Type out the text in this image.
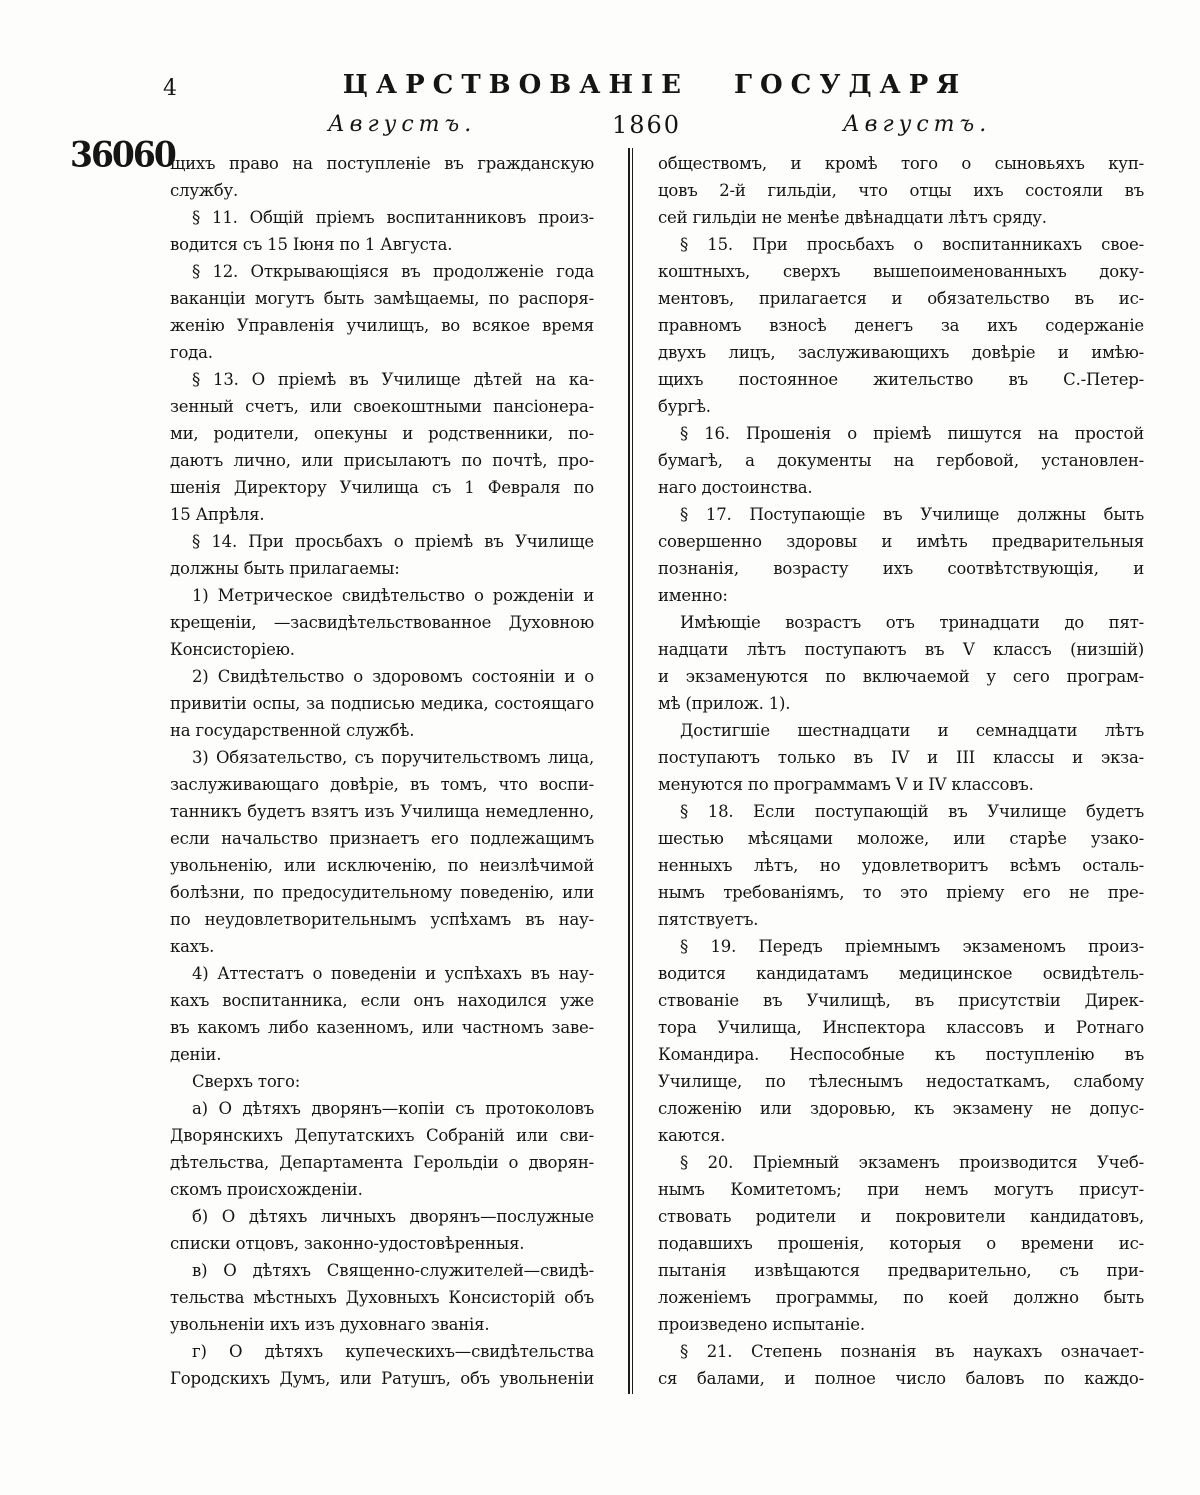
4	ЦАРСТВОВАНІЕ ГОСУДАРЯ
Августъ.	1860	Августъ.
36060
щихъ право на поступленіе въ гражданскую
службу.
§ 11. Общій пріемъ воспитанниковъ произ-
водится съ 15 Іюня по 1 Августа.
§ 12. Открывающіяся въ продолженіе года
ваканціи могутъ быть замѣщаемы, по распоря-
женію Управленія училищъ, во всякое время
года.
§ 13. О пріемѣ въ Училище дѣтей на ка-
зенный счетъ, или своекоштными пансіонера-
ми, родители, опекуны и родственники, по-
даютъ лично, или присылаютъ по почтѣ, про-
шенія Директору Училища съ 1 Февраля по
15 Апрѣля.
§ 14. При просьбахъ о пріемѣ въ Училище
должны быть прилагаемы:
1) Метрическое свидѣтельство о рожденіи и
крещеніи, —засвидѣтельствованное Духовною
Консисторіею.
2) Свидѣтельство о здоровомъ состояніи и о
привитіи оспы, за подписью медика, состоящаго
на государственной службѣ.
3) Обязательство, съ поручительствомъ лица,
заслуживающаго довѣріе, въ томъ, что воспи-
танникъ будетъ взятъ изъ Училища немедленно,
если начальство признаетъ его подлежащимъ
увольненію, или исключенію, по неизлѣчимой
болѣзни, по предосудительному поведенію, или
по неудовлетворительнымъ успѣхамъ въ нау-
кахъ.
4) Аттестатъ о поведеніи и успѣхахъ въ нау-
кахъ воспитанника, если онъ находился уже
въ какомъ либо казенномъ, или частномъ заве-
деніи.
Сверхъ того:
а) О дѣтяхъ дворянъ—копіи съ протоколовъ
Дворянскихъ Депутатскихъ Собраній или сви-
дѣтельства, Департамента Герольдіи о дворян-
скомъ происхожденіи.
б) О дѣтяхъ личныхъ дворянъ—послужные
списки отцовъ, законно-удостовѣренныя.
в) О дѣтяхъ Священно-служителей—свидѣ-
тельства мѣстныхъ Духовныхъ Консисторій объ
увольненіи ихъ изъ духовнаго званія.
г) О дѣтяхъ купеческихъ—свидѣтельства
Городскихъ Думъ, или Ратушъ, объ увольненіи
обществомъ, и кромѣ того о сыновьяхъ куп-
цовъ 2-й гильдіи, что отцы ихъ состояли въ
сей гильдіи не менѣе двѣнадцати лѣтъ сряду.
§ 15. При просьбахъ о воспитанникахъ свое-
коштныхъ, сверхъ вышепоименованныхъ доку-
ментовъ, прилагается и обязательство въ ис-
правномъ взносѣ денегъ за ихъ содержаніе
двухъ лицъ, заслуживающихъ довѣріе и имѣю-
щихъ постоянное жительство въ С.-Петер-
бургѣ.
§ 16. Прошенія о пріемѣ пишутся на простой
бумагѣ, а документы на гербовой, установлен-
наго достоинства.
§ 17. Поступающіе въ Училище должны быть
совершенно здоровы и имѣть предварительныя
познанія, возрасту ихъ соотвѣтствующія, и
именно:
Имѣющіе возрастъ отъ тринадцати до пят-
надцати лѣтъ поступаютъ въ V классъ (низшій)
и экзаменуются по включаемой у сего програм-
мѣ (прилож. 1).
Достигшіе шестнадцати и семнадцати лѣтъ
поступаютъ только въ IV и III классы и экза-
менуются по программамъ V и IV классовъ.
§ 18. Если поступающій въ Училище будетъ
шестью мѣсяцами моложе, или старѣе узако-
ненныхъ лѣтъ, но удовлетворитъ всѣмъ осталь-
нымъ требованіямъ, то это пріему его не пре-
пятствуетъ.
§ 19. Передъ пріемнымъ экзаменомъ произ-
водится кандидатамъ медицинское освидѣтель-
ствованіе въ Училищѣ, въ присутствіи Дирек-
тора Училища, Инспектора классовъ и Ротнаго
Командира. Неспособные къ поступленію въ
Училище, по тѣлеснымъ недостаткамъ, слабому
сложенію или здоровью, къ экзамену не допус-
каются.
§ 20. Пріемный экзаменъ производится Учеб-
нымъ Комитетомъ; при немъ могутъ присут-
ствовать родители и покровители кандидатовъ,
подавшихъ прошенія, которыя о времени ис-
пытанія извѣщаются предварительно, съ при-
ложеніемъ программы, по коей должно быть
произведено испытаніе.
§ 21. Степень познанія въ наукахъ означает-
ся балами, и полное число баловъ по каждо-
